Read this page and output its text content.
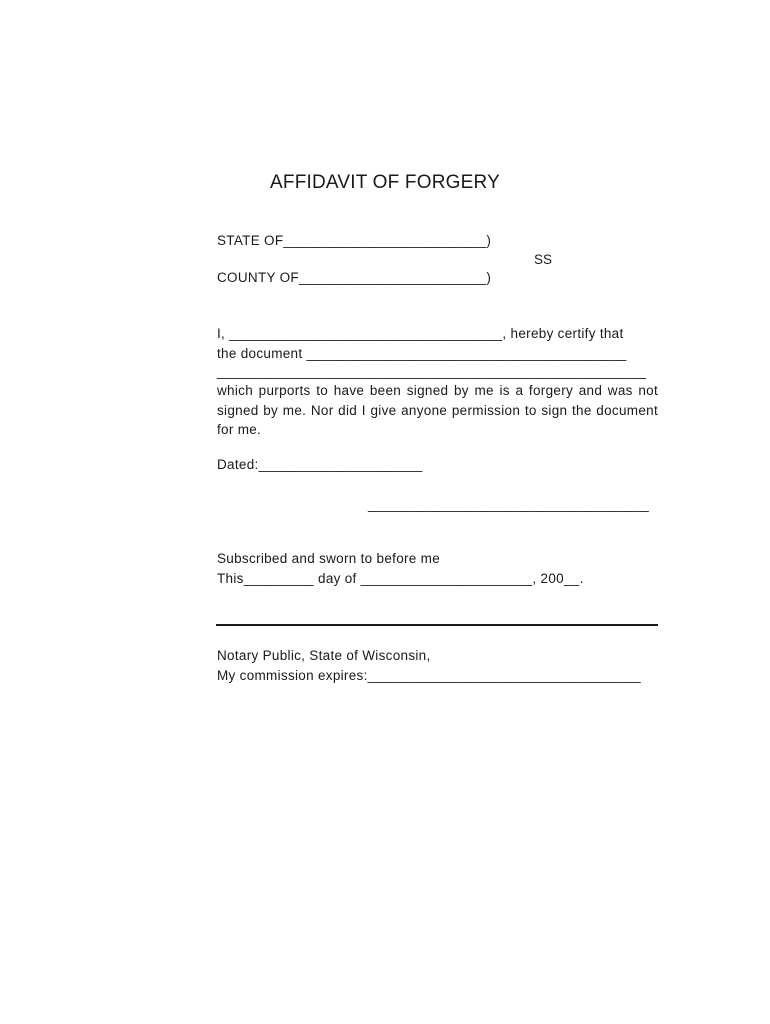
AFFIDAVIT OF FORGERY
STATE OF__________________________)
SS
COUNTY OF________________________)
I, ___________________________________, hereby certify that
the document _________________________________________
_______________________________________________________
which purports to have been signed by me is a forgery and was not signed by me. Nor did I give anyone permission to sign the document for me.
Dated:_____________________
____________________________________
Subscribed and sworn to before me
This_________ day of ______________________, 200__.
Notary Public, State of Wisconsin,
My commission expires:___________________________________
